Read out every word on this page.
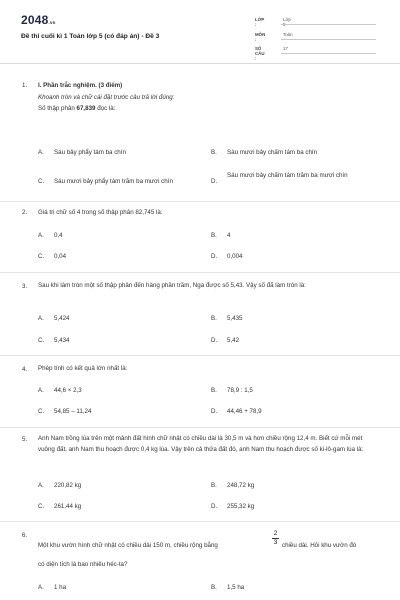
2048.vn
Đề thi cuối kì 1 Toán lớp 5 (có đáp án) - Đề 3
LỚP :
Lớp 5
MÔN :
Toán
SỐ CÂU :
17
1. I. Phần trắc nghiệm. (3 điểm)
Khoanh tròn và chữ cái đặt trước câu trả lời đúng:
Số thập phân 67,839 đọc là:
A. Sáu bảy phẩy tám ba chín	B. Sáu mươi bảy chấm tám ba chín
C. Sáu mươi bảy phẩy tám trăm ba mươi chín	D.
Sáu mươi bảy chấm tám trăm ba mươi chín
2. Giá trị chữ số 4 trong số thập phân 82,745 là:
A. 0,4	B. 4
C. 0,04	D. 0,004
3. Sau khi làm tròn một số thập phân đến hàng phần trăm, Nga được số 5,43. Vậy số đã làm tròn là:
A. 5,424	B. 5,435
C. 5,434	D. 5,42
4. Phép tính có kết quả lớn nhất là:
A. 44,6 × 2,3	B. 78,9 : 1,5
C. 54,85 – 11,24	D. 44,46 + 78,9
5. Anh Nam trồng lúa trên một mảnh đất hình chữ nhật có chiều dài là 30,5 m và hơn chiều rộng 12,4 m. Biết cứ mỗi mét vuông đất, anh Nam thu hoạch được 0,4 kg lúa. Vậy trên cả thửa đất đó, anh Nam thu hoạch được số ki-lô-gam lúa là:
A. 220,82 kg	B. 248,72 kg
C. 261,44 kg	D. 255,32 kg
6.
Một khu vườn hình chữ nhật có chiều dài 150 m, chiều rộng bằng
2
3 chiều dài. Hỏi khu vườn đó
có diện tích là bao nhiêu héc-ta?
A. 1 ha	B. 1,5 ha
